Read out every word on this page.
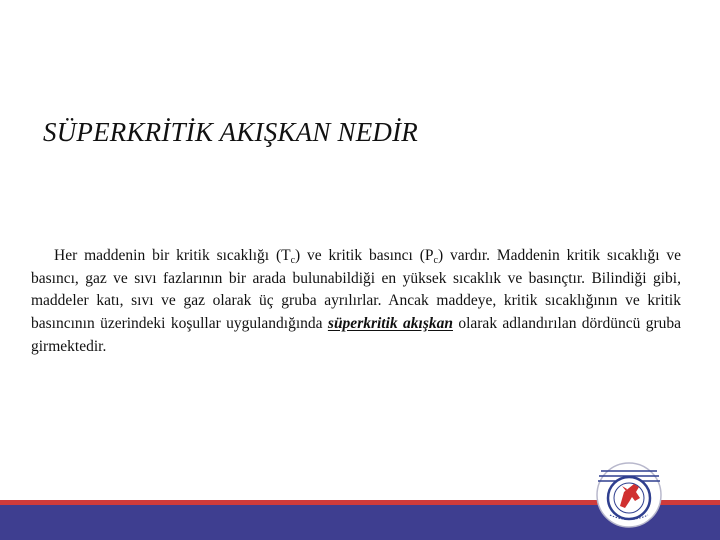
SÜPERKRİTİK AKIŞKAN NEDİR
Her maddenin bir kritik sıcaklığı $(T_c)$ ve kritik basıncı $(P_c)$ vardır. Maddenin kritik sıcaklığı ve basıncı, gaz ve sıvı fazlarının bir arada bulunabildiği en yüksek sıcaklık ve basınçtır. Bilindiği gibi, maddeler katı, sıvı ve gaz olarak üç gruba ayrılırlar. Ancak maddeye, kritik sıcaklığının ve kritik basıncının üzerindeki koşullar uygulandığında süperkritik akışkan olarak adlandırılan dördüncü gruba girmektedir.
